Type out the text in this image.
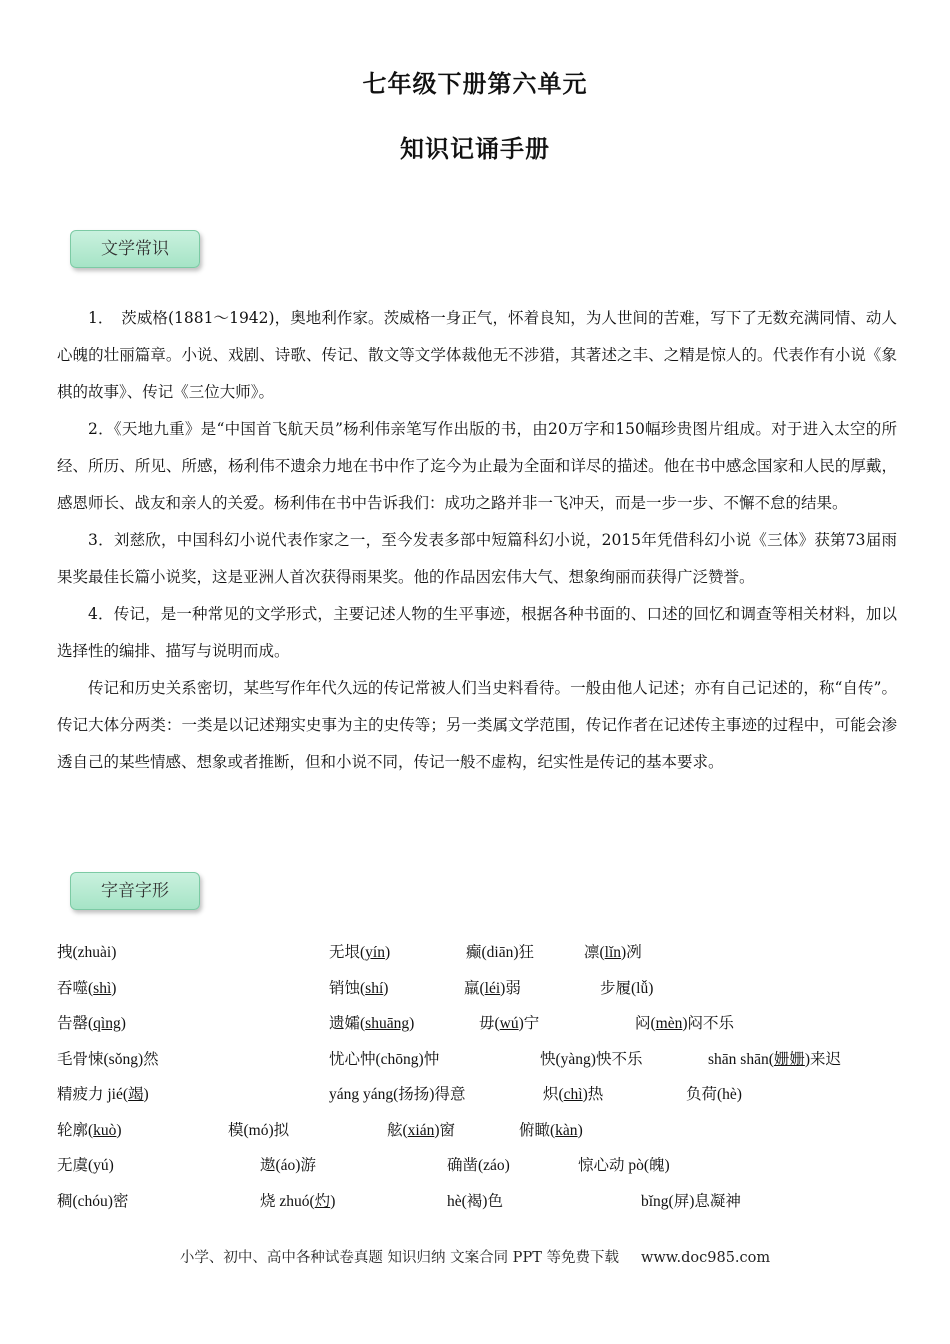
七年级下册第六单元
知识记诵手册
文学常识

1．　茨威格(1881～1942)，奥地利作家。茨威格一身正气，怀着良知，为人世间的苦难，写下了无数充满同情、动人心魄的壮丽篇章。小说、戏剧、诗歌、传记、散文等文学体裁他无不涉猎，其著述之丰、之精是惊人的。代表作有小说《象棋的故事》、传记《三位大师》。

2．《天地九重》是“中国首飞航天员”杨利伟亲笔写作出版的书，由20万字和150幅珍贵图片组成。对于进入太空的所经、所历、所见、所感，杨利伟不遗余力地在书中作了迄今为止最为全面和详尽的描述。他在书中感念国家和人民的厚戴，感恩师长、战友和亲人的关爱。杨利伟在书中告诉我们：成功之路并非一飞冲天，而是一步一步、不懈不怠的结果。

3．刘慈欣，中国科幻小说代表作家之一，至今发表多部中短篇科幻小说，2015年凭借科幻小说《三体》获第73届雨果奖最佳长篇小说奖，这是亚洲人首次获得雨果奖。他的作品因宏伟大气、想象绚丽而获得广泛赞誉。

4．传记，是一种常见的文学形式，主要记述人物的生平事迹，根据各种书面的、口述的回忆和调查等相关材料，加以选择性的编排、描写与说明而成。

传记和历史关系密切，某些写作年代久远的传记常被人们当史料看待。一般由他人记述；亦有自己记述的，称“自传”。传记大体分两类：一类是以记述翔实史事为主的史传等；另一类属文学范围，传记作者在记述传主事迹的过程中，可能会渗透自己的某些情感、想象或者推断，但和小说不同，传记一般不虚构，纪实性是传记的基本要求。

字音字形
拽(zhuài)	无垠(yín)	癫(diān)狂	凛(lǐn)冽
吞噬(shì)	销蚀(shí)	羸(léi)弱	步履(lǚ)
告罄(qìng)	遗孀(shuāng)	毋(wú)宁	闷(mèn)闷不乐
毛骨悚(sǒng)然	忧心忡(chōng)忡	怏(yàng)怏不乐	shān shān(姗姗)来迟
精疲力 jié(竭)	yáng yáng(扬扬)得意	炽(chì)热	负荷(hè)
轮廓(kuò)	模(mó)拟	舷(xián)窗	俯瞰(kàn)
无虞(yú)	遨(áo)游	确凿(záo)	惊心动 pò(魄)
稠(chóu)密	烧 zhuó(灼)	hè(褐)色	bǐng(屏)息凝神
小学、初中、高中各种试卷真题 知识归纳 文案合同 PPT 等免费下载 www.doc985.com
